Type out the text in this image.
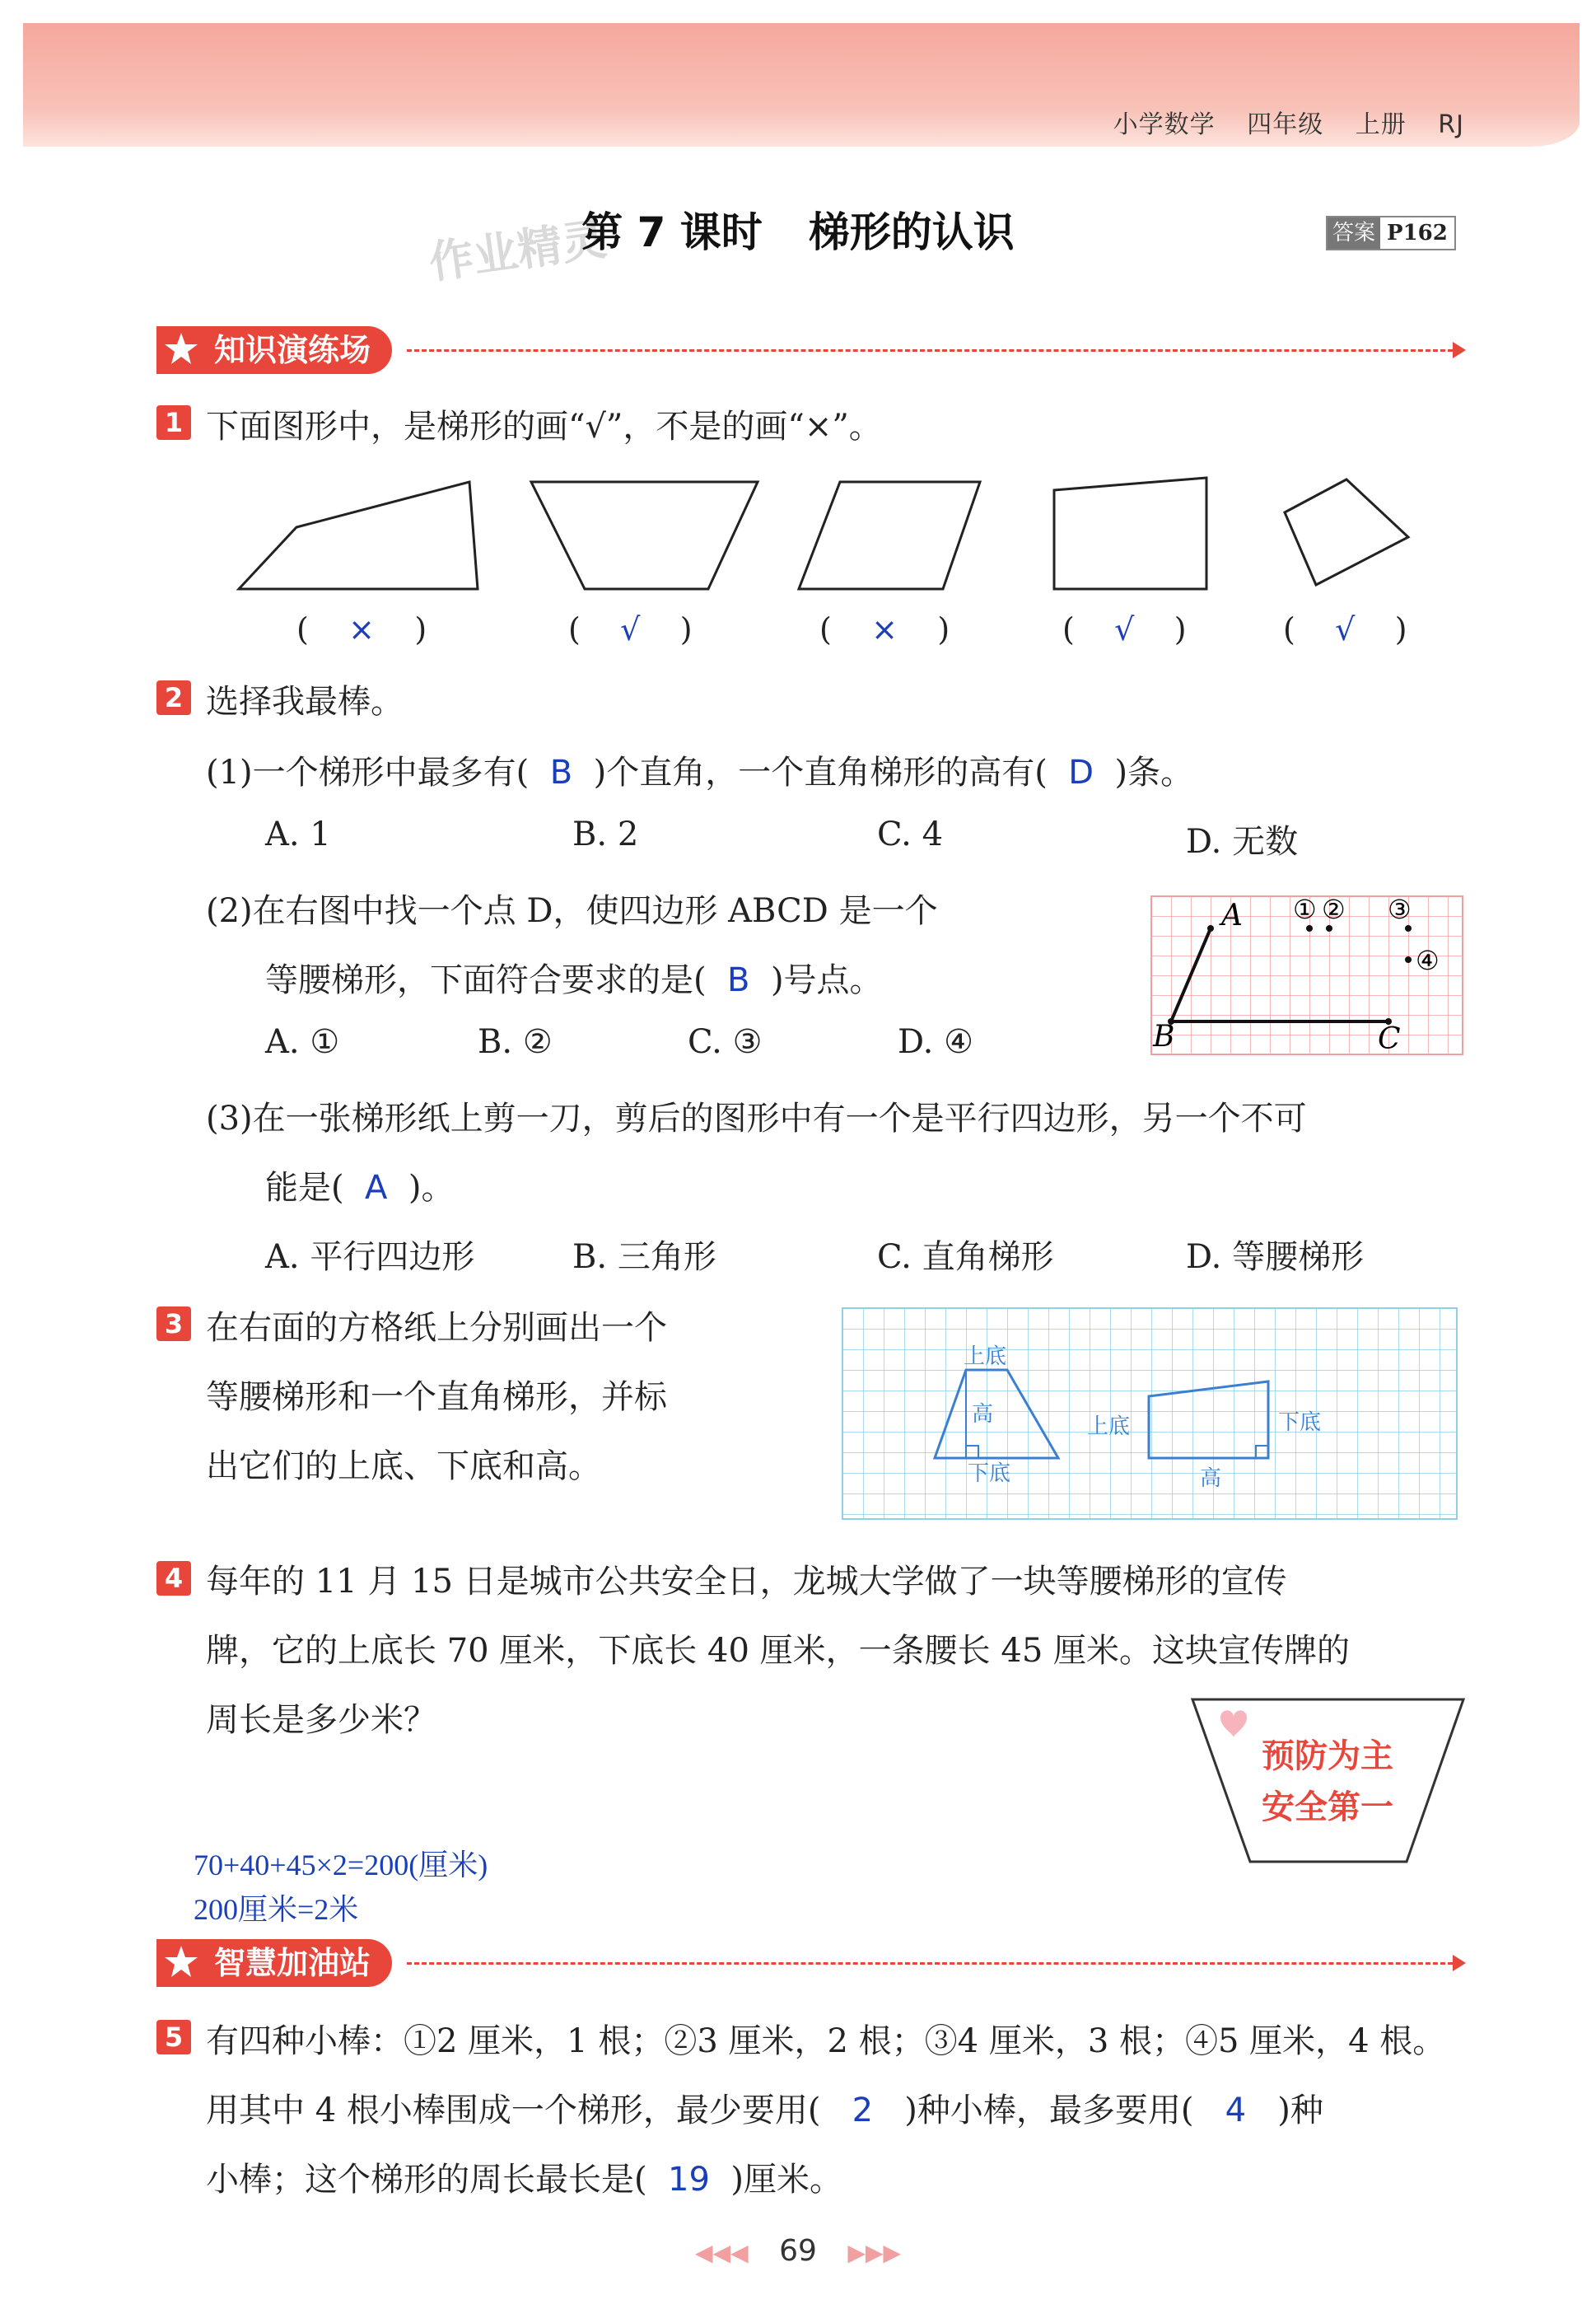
小学数学 四年级 上册 RJ
作业精灵
第 7 课时 梯形的认识	答案 P162
知识演练场
1 下面图形中，是梯形的画“√”，不是的画“×”。
(    ×    )	(    √    )	(    ×    )	(    √    )	(    √    )
2 选择我最棒。
(1)一个梯形中最多有( B )个直角，一个直角梯形的高有( D )条。
A. 1	B. 2	C. 4	D. 无数
(2)在右图中找一个点 D，使四边形 ABCD 是一个
等腰梯形，下面符合要求的是( B )号点。
A. ①	B. ②	C. ③	D. ④
A
B	C
① ② ③
④
(3)在一张梯形纸上剪一刀，剪后的图形中有一个是平行四边形，另一个不可
能是( A )。
A. 平行四边形	B. 三角形	C. 直角梯形	D. 等腰梯形
3 在右面的方格纸上分别画出一个
等腰梯形和一个直角梯形，并标
出它们的上底、下底和高。
上底
高
下底
上底	下底
高
4 每年的 11 月 15 日是城市公共安全日，龙城大学做了一块等腰梯形的宣传
牌，它的上底长 70 厘米，下底长 40 厘米，一条腰长 45 厘米。这块宣传牌的
周长是多少米？
预防为主
安全第一
70+40+45×2=200(厘米)
200厘米=2米
智慧加油站
5 有四种小棒：①2 厘米，1 根；②3 厘米，2 根；③4 厘米，3 根；④5 厘米，4 根。
用其中 4 根小棒围成一个梯形，最少要用( 2 )种小棒，最多要用( 4 )种
小棒；这个梯形的周长最长是( 19 )厘米。
◀◀◀ 69 ▶▶▶
